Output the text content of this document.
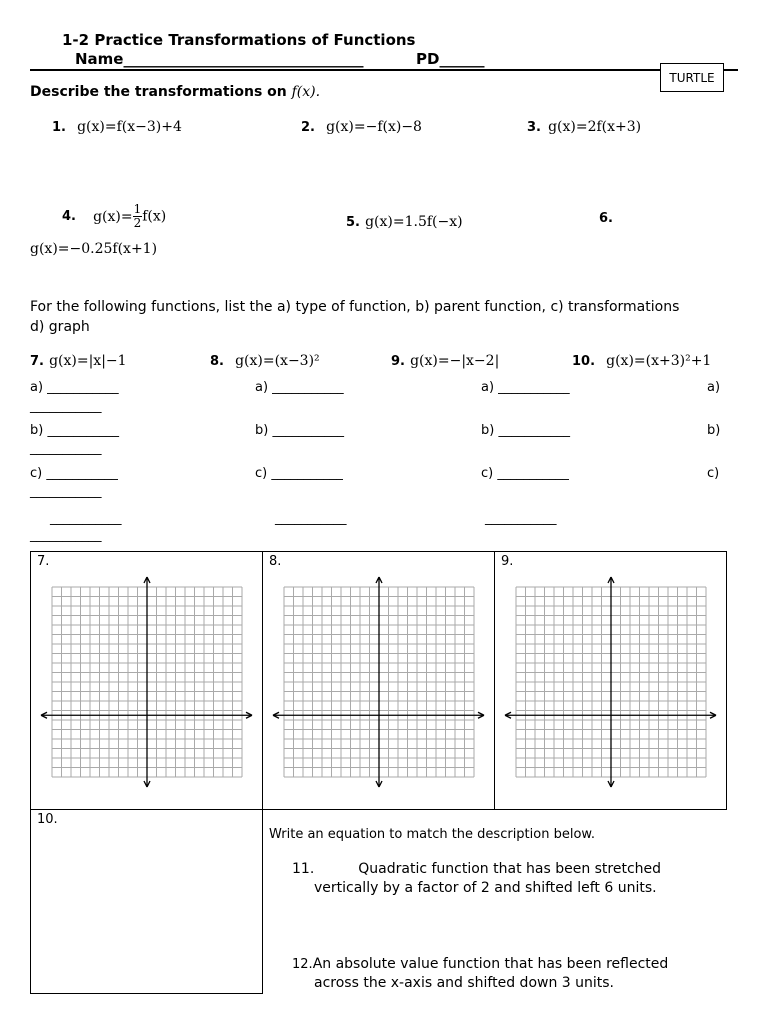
1-2 Practice Transformations of Functions
Name________________________________	PD______
TURTLE
Describe the transformations on f(x).
1. g(x)=f(x−3)+4	2. g(x)=−f(x)−8	3. g(x)=2f(x+3)
4. $g(x)= \frac{1}{2} f(x)$	5. g(x)=1.5f(−x)	6.
g(x)=−0.25f(x+1)
For the following functions, list the a) type of function, b) parent function, c) transformations
d) graph
7. g(x)=|x|−1	8. g(x)=(x−3)²	9. g(x)=−|x−2|	10. g(x)=(x+3)²+1
a) ___________	a) ___________	a) ___________	a)
___________
b) ___________	b) ___________	b) ___________	b)
___________
c) ___________	c) ___________	c) ___________	c)
___________
___________	___________	___________
___________
7.	8.	9.
10.
Write an equation to match the description below.
11.	Quadratic function that has been stretched
vertically by a factor of 2 and shifted left 6 units.
12.An absolute value function that has been reflected
across the x-axis and shifted down 3 units.
